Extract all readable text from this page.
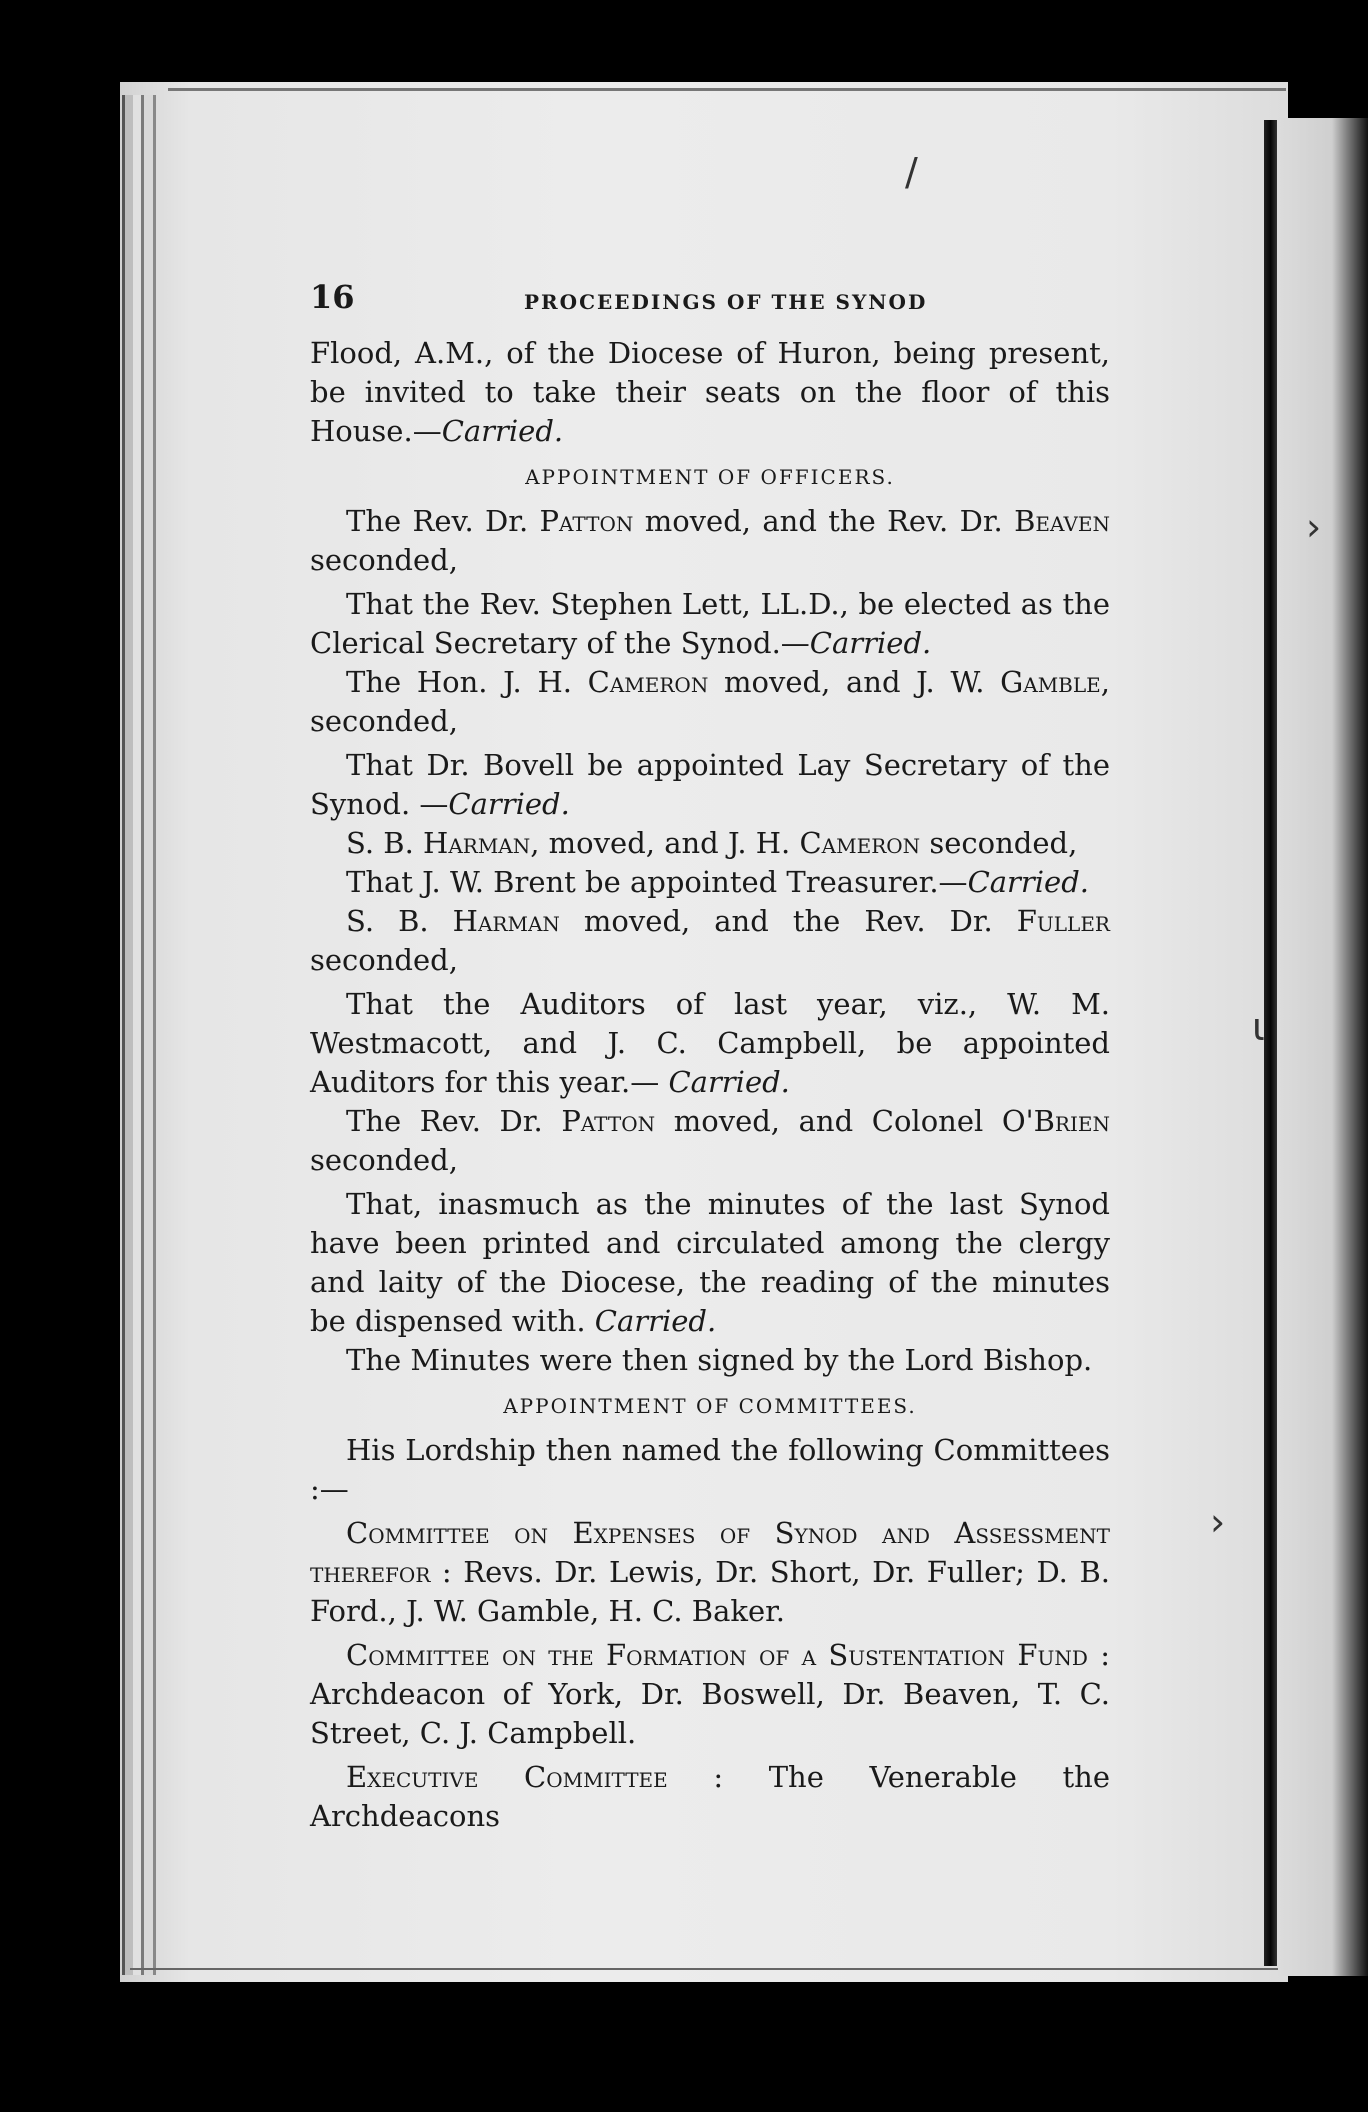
/
›
ι
›
16	PROCEEDINGS OF THE SYNOD

Flood, A.M., of the Diocese of Huron, being present, be invited to take their seats on the floor of this House.—Carried.

APPOINTMENT OF OFFICERS.

The Rev. Dr. Patton moved, and the Rev. Dr. Beaven seconded,

That the Rev. Stephen Lett, LL.D., be elected as the Clerical Secretary of the Synod.—Carried.

The Hon. J. H. Cameron moved, and J. W. Gamble, seconded,

That Dr. Bovell be appointed Lay Secretary of the Synod. —Carried.

S. B. Harman, moved, and J. H. Cameron seconded,

That J. W. Brent be appointed Treasurer.—Carried.

S. B. Harman moved, and the Rev. Dr. Fuller seconded,

That the Auditors of last year, viz., W. M. Westmacott, and J. C. Campbell, be appointed Auditors for this year.— Carried.

The Rev. Dr. Patton moved, and Colonel O'Brien seconded,

That, inasmuch as the minutes of the last Synod have been printed and circulated among the clergy and laity of the Diocese, the reading of the minutes be dispensed with. Carried.

The Minutes were then signed by the Lord Bishop.

APPOINTMENT OF COMMITTEES.

His Lordship then named the following Committees :—

Committee on Expenses of Synod and Assessment therefor : Revs. Dr. Lewis, Dr. Short, Dr. Fuller; D. B. Ford., J. W. Gamble, H. C. Baker.

Committee on the Formation of a Sustentation Fund : Archdeacon of York, Dr. Boswell, Dr. Beaven, T. C. Street, C. J. Campbell.

Executive Committee : The Venerable the Archdeacons
